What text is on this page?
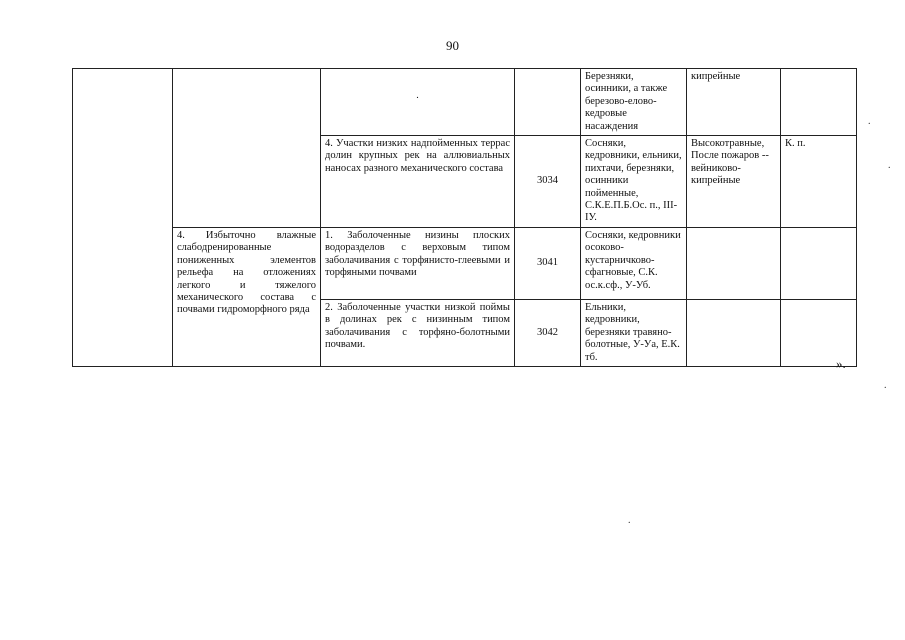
90

		·		Березняки, осинники, а также березово-елово-кедровые насаждения	кипрейные	
		4. Участки низких надпойменных террас долин крупных рек на аллювиальных наносах разного механического состава	3034	Сосняки, кедровники, ельники, пихтачи, березняки, осинники пойменные, С.К.Е.П.Б.Ос. п., III-IУ.	Высокотравные, После пожаров -- вейниково-кипрейные	К. п.
	4. Избыточно влажные слабодренированные пониженных элементов рельефа на отложениях легкого и тяжелого механического состава с почвами гидроморфного ряда	1. Заболоченные низины плоских водоразделов с верховым типом заболачивания с торфянисто-глеевыми и торфяными почвами	3041	Сосняки, кедровники осоково-кустарничково-сфагновые, С.К. ос.к.сф., У-Уб.		
		2. Заболоченные участки низкой поймы в долинах рек с низинным типом заболачивания с торфяно-болотными почвами.	3042	Ельники, кедровники, березняки травяно-болотные, У-Уа, Е.К. тб.			».
.
.
.
.
